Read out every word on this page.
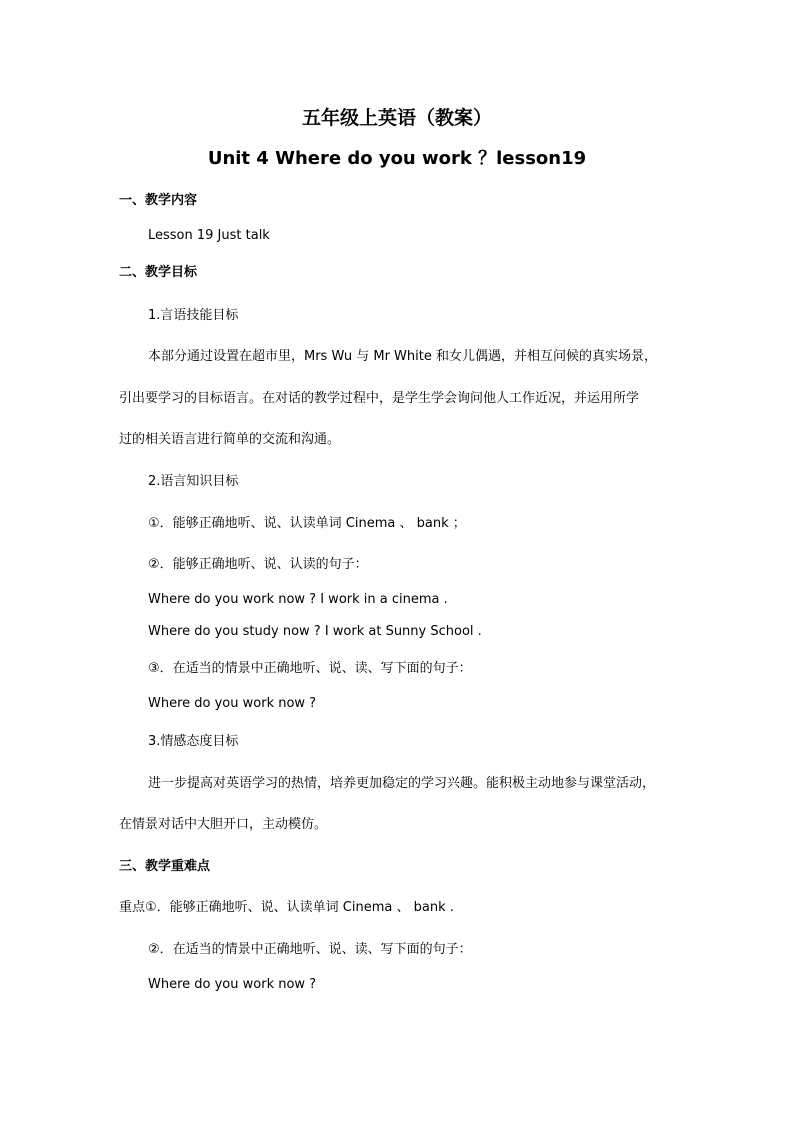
五年级上英语（教案）
Unit 4 Where do you work ？lesson19
一、教学内容
Lesson 19 Just talk
二、教学目标
1.言语技能目标
本部分通过设置在超市里，Mrs Wu 与 Mr White 和女儿偶遇，并相互问候的真实场景，
引出要学习的目标语言。在对话的教学过程中，是学生学会询问他人工作近况，并运用所学
过的相关语言进行简单的交流和沟通。
2.语言知识目标
①．能够正确地听、说、认读单词 Cinema 、 bank ；
②．能够正确地听、说、认读的句子：
Where do you work now ? I work in a cinema .
Where do you study now ? I work at Sunny School .
③．在适当的情景中正确地听、说、读、写下面的句子：
Where do you work now ?
3.情感态度目标
进一步提高对英语学习的热情，培养更加稳定的学习兴趣。能积极主动地参与课堂活动，
在情景对话中大胆开口，主动模仿。
三、教学重难点
重点①．能够正确地听、说、认读单词 Cinema 、 bank .
②．在适当的情景中正确地听、说、读、写下面的句子：
Where do you work now ?
